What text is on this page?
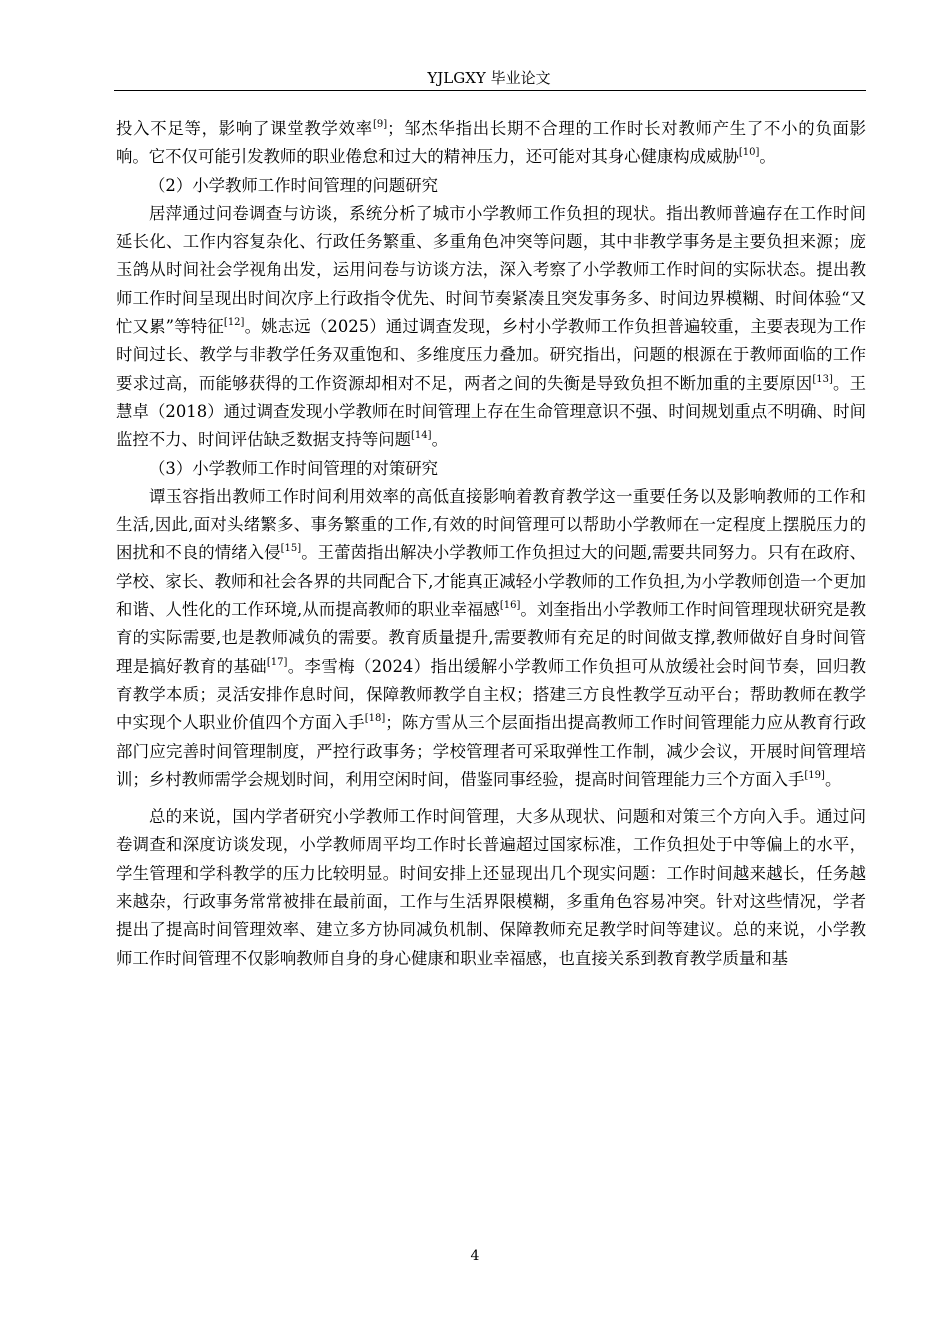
YJLGXY 毕业论文

投入不足等，影响了课堂教学效率[9]；邹杰华指出长期不合理的工作时长对教师产生了不小的负面影响。它不仅可能引发教师的职业倦怠和过大的精神压力，还可能对其身心健康构成威胁[10]。

（2）小学教师工作时间管理的问题研究

居萍通过问卷调查与访谈，系统分析了城市小学教师工作负担的现状。指出教师普遍存在工作时间延长化、工作内容复杂化、行政任务繁重、多重角色冲突等问题，其中非教学事务是主要负担来源；庞玉鸽从时间社会学视角出发，运用问卷与访谈方法，深入考察了小学教师工作时间的实际状态。提出教师工作时间呈现出时间次序上行政指令优先、时间节奏紧凑且突发事务多、时间边界模糊、时间体验“又忙又累”等特征[12]。姚志远（2025）通过调查发现，乡村小学教师工作负担普遍较重，主要表现为工作时间过长、教学与非教学任务双重饱和、多维度压力叠加。研究指出，问题的根源在于教师面临的工作要求过高，而能够获得的工作资源却相对不足，两者之间的失衡是导致负担不断加重的主要原因[13]。王慧卓（2018）通过调查发现小学教师在时间管理上存在生命管理意识不强、时间规划重点不明确、时间监控不力、时间评估缺乏数据支持等问题[14]。

（3）小学教师工作时间管理的对策研究

谭玉容指出教师工作时间利用效率的高低直接影响着教育教学这一重要任务以及影响教师的工作和生活,因此,面对头绪繁多、事务繁重的工作,有效的时间管理可以帮助小学教师在一定程度上摆脱压力的困扰和不良的情绪入侵[15]。王蕾茵指出解决小学教师工作负担过大的问题,需要共同努力。只有在政府、学校、家长、教师和社会各界的共同配合下,才能真正减轻小学教师的工作负担,为小学教师创造一个更加和谐、人性化的工作环境,从而提高教师的职业幸福感[16]。刘奎指出小学教师工作时间管理现状研究是教育的实际需要,也是教师减负的需要。教育质量提升,需要教师有充足的时间做支撑,教师做好自身时间管理是搞好教育的基础[17]。李雪梅（2024）指出缓解小学教师工作负担可从放缓社会时间节奏，回归教育教学本质；灵活安排作息时间，保障教师教学自主权；搭建三方良性教学互动平台；帮助教师在教学中实现个人职业价值四个方面入手[18]；陈方雪从三个层面指出提高教师工作时间管理能力应从教育行政部门应完善时间管理制度，严控行政事务；学校管理者可采取弹性工作制，减少会议，开展时间管理培训；乡村教师需学会规划时间，利用空闲时间，借鉴同事经验，提高时间管理能力三个方面入手[19]。

总的来说，国内学者研究小学教师工作时间管理，大多从现状、问题和对策三个方向入手。通过问卷调查和深度访谈发现，小学教师周平均工作时长普遍超过国家标准，工作负担处于中等偏上的水平，学生管理和学科教学的压力比较明显。时间安排上还显现出几个现实问题：工作时间越来越长，任务越来越杂，行政事务常常被排在最前面，工作与生活界限模糊，多重角色容易冲突。针对这些情况，学者提出了提高时间管理效率、建立多方协同减负机制、保障教师充足教学时间等建议。总的来说，小学教师工作时间管理不仅影响教师自身的身心健康和职业幸福感，也直接关系到教育教学质量和基

4
